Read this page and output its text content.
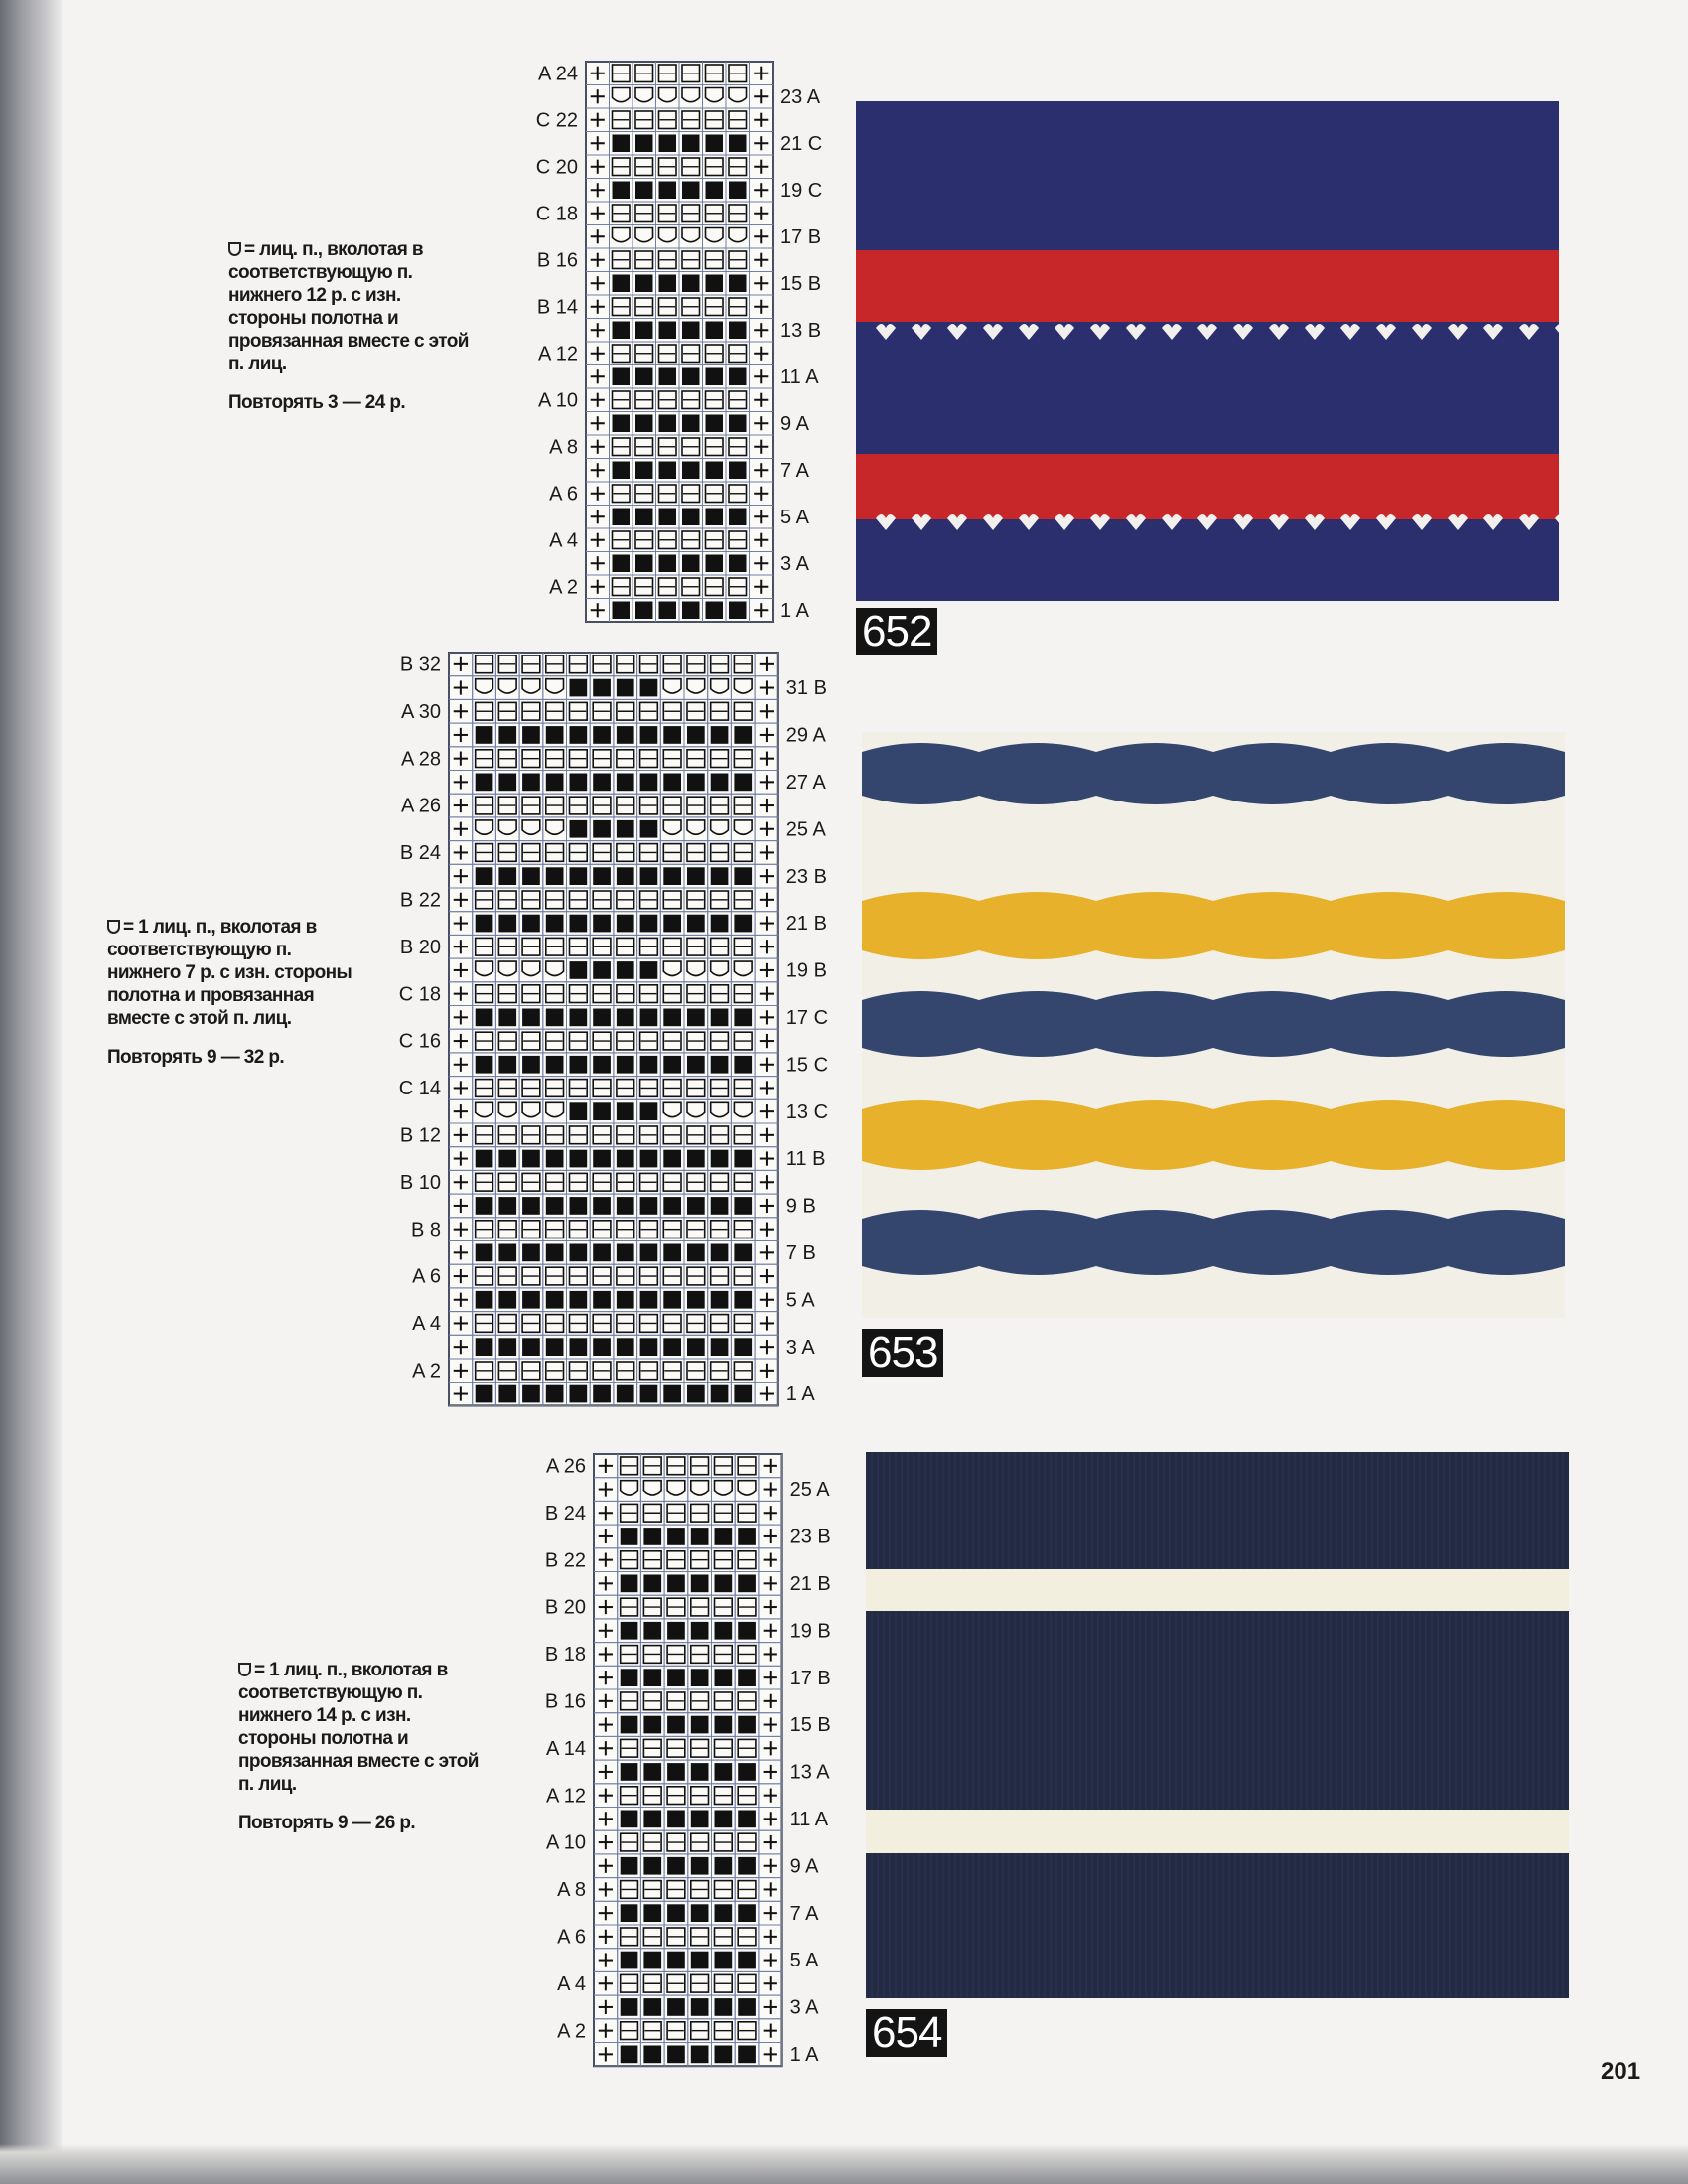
= лиц. п., вколотая в

соответствующую п.

нижнего 12 р. с изн.

стороны полотна и

провязанная вместе с этой

п. лиц.

Повторять 3 — 24 р.

A 24
C 22
C 20
C 18
B 16
B 14
A 12
A 10
A 8
A 6
A 4
A 2
23 A
21 C
19 C
17 B
15 B
13 B
11 A
9 A
7 A
5 A
3 A
1 A 652

= 1 лиц. п., вколотая в

соответствующую п.

нижнего 7 р. с изн. стороны

полотна и провязанная

вместе с этой п. лиц.

Повторять 9 — 32 р.

B 32
A 30
A 28
A 26
B 24
B 22
B 20
C 18
C 16
C 14
B 12
B 10
B 8
A 6
A 4
A 2
31 B
29 A
27 A
25 A
23 B
21 B
19 B
17 C
15 C
13 C
11 B
9 B
7 B
5 A
3 A
1 A
653

= 1 лиц. п., вколотая в

соответствующую п.

нижнего 14 р. с изн.

стороны полотна и

провязанная вместе с этой

п. лиц.

Повторять 9 — 26 р.

A 26
B 24
B 22
B 20
B 18
B 16
A 14
A 12
A 10
A 8
A 6
A 4
A 2
25 A
23 B
21 B
19 B
17 B
15 B
13 A
11 A
9 A
7 A
5 A
3 A
1 A 654
201
